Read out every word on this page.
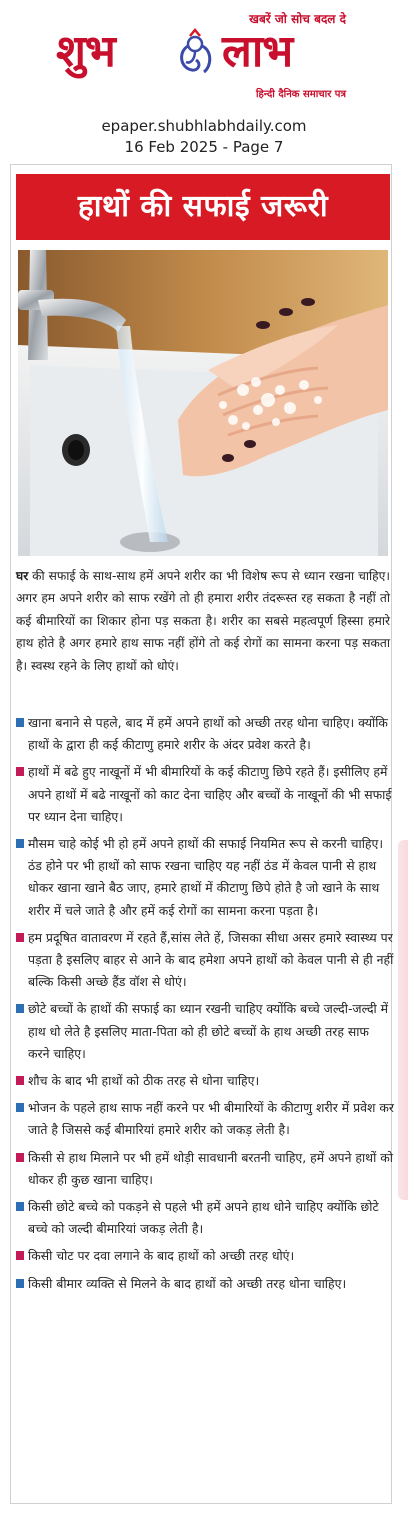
खबरें जो सोच बदल दे
शुभ लाभ
हिन्दी दैनिक समाचार पत्र
epaper.shubhlabhdaily.com
16 Feb 2025 - Page 7
हाथों की सफाई जरूरी
घर की सफाई के साथ-साथ हमें अपने शरीर का भी विशेष रूप से ध्यान रखना चाहिए। अगर हम अपने शरीर को साफ रखेंगे तो ही हमारा शरीर तंदरूस्त रह सकता है नहीं तो कई बीमारियों का शिकार होना पड़ सकता है। शरीर का सबसे महत्वपूर्ण हिस्सा हमारे हाथ होते है अगर हमारे हाथ साफ नहीं होंगे तो कई रोगों का सामना करना पड़ सकता है। स्वस्थ रहने के लिए हाथों को धोएं।
खाना बनाने से पहले, बाद में हमें अपने हाथों को अच्छी तरह धोना चाहिए। क्योंकि हाथों के द्वारा ही कई कीटाणु हमारे शरीर के अंदर प्रवेश करते है।
हाथों में बढे हुए नाखूनों में भी बीमारियों के कई कीटाणु छिपे रहते हैं। इसीलिए हमें अपने हाथों में बढे नाखूनों को काट देना चाहिए और बच्चों के नाखूनों की भी सफाई पर ध्यान देना चाहिए।
मौसम चाहे कोई भी हो हमें अपने हाथों की सफाई नियमित रूप से करनी चाहिए। ठंड होने पर भी हाथों को साफ रखना चाहिए यह नहीं ठंड में केवल पानी से हाथ धोकर खाना खाने बैठ जाए, हमारे हाथों में कीटाणु छिपे होते है जो खाने के साथ शरीर में चले जाते है और हमें कई रोगों का सामना करना पड़ता है।
हम प्रदूषित वातावरण में रहते हैं,सांस लेते हें, जिसका सीधा असर हमारे स्वास्थ्य पर पड़ता है इसलिए बाहर से आने के बाद हमेशा अपने हाथों को केवल पानी से ही नहीं बल्कि किसी अच्छे हैंड वॉश से धोएं।
छोटे बच्चों के हाथों की सफाई का ध्यान रखनी चाहिए क्योंकि बच्चे जल्दी-जल्दी में हाथ धो लेते है इसलिए माता-पिता को ही छोटे बच्चों के हाथ अच्छी तरह साफ करने चाहिए।
शौच के बाद भी हाथों को ठीक तरह से धोना चाहिए।
भोजन के पहले हाथ साफ नहीं करने पर भी बीमारियों के कीटाणु शरीर में प्रवेश कर जाते है जिससे कई बीमारियां हमारे शरीर को जकड़ लेती है।
किसी से हाथ मिलाने पर भी हमें थोड़ी सावधानी बरतनी चाहिए, हमें अपने हाथों को धोकर ही कुछ खाना चाहिए।
किसी छोटे बच्चे को पकड़ने से पहले भी हमें अपने हाथ धोने चाहिए क्योंकि छोटे बच्चे को जल्दी बीमारियां जकड़ लेती है।
किसी चोट पर दवा लगाने के बाद हाथों को अच्छी तरह धोएं।
किसी बीमार व्यक्ति से मिलने के बाद हाथों को अच्छी तरह धोना चाहिए।
